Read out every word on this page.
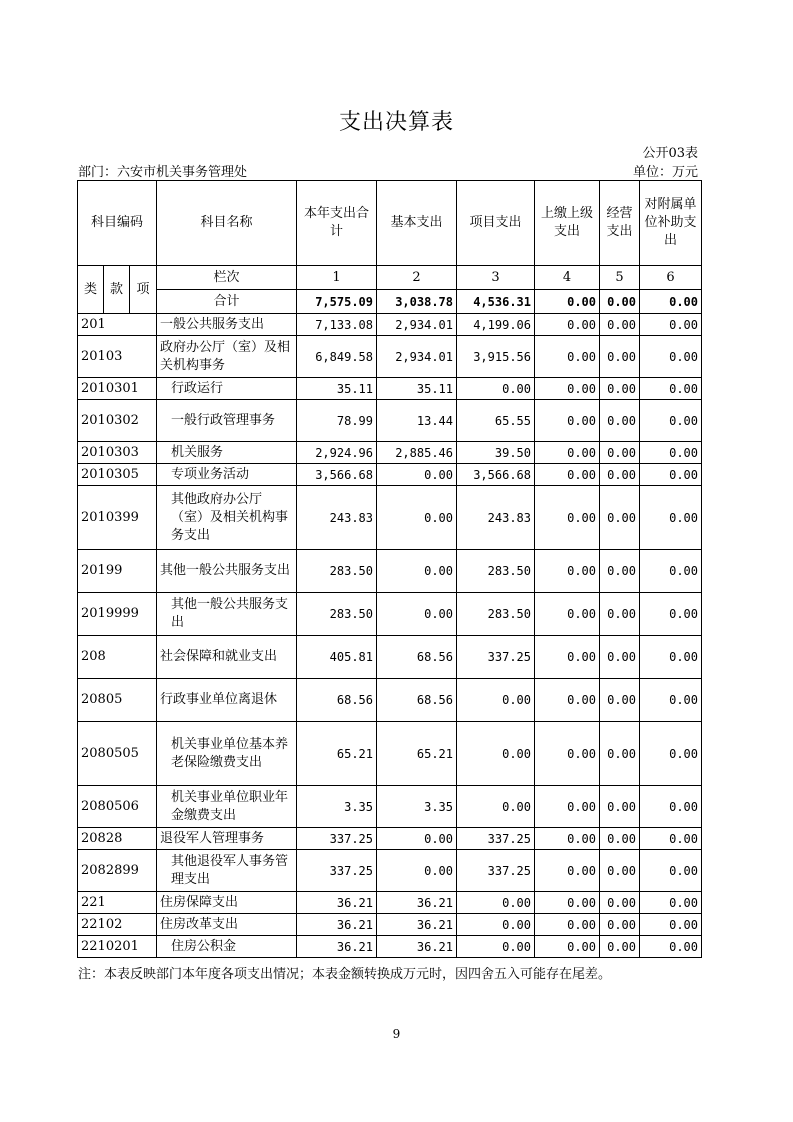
支出决算表
公开03表
部门：六安市机关事务管理处	单位：万元
科目编码			科目名称	本年支出合计	基本支出	项目支出	上缴上级支出	经营支出	对附属单位补助支出
类	款	项	栏次	1	2	3	4	5	6
			合计	7,575.09	3,038.78	4,536.31	0.00	0.00	0.00
201			一般公共服务支出	7,133.08	2,934.01	4,199.06	0.00	0.00	0.00
20103			政府办公厅（室）及相关机构事务	6,849.58	2,934.01	3,915.56	0.00	0.00	0.00
2010301			行政运行	35.11	35.11	0.00	0.00	0.00	0.00
2010302			一般行政管理事务	78.99	13.44	65.55	0.00	0.00	0.00
2010303			机关服务	2,924.96	2,885.46	39.50	0.00	0.00	0.00
2010305			专项业务活动	3,566.68	0.00	3,566.68	0.00	0.00	0.00
2010399			其他政府办公厅（室）及相关机构事务支出	243.83	0.00	243.83	0.00	0.00	0.00
20199			其他一般公共服务支出	283.50	0.00	283.50	0.00	0.00	0.00
2019999			其他一般公共服务支出	283.50	0.00	283.50	0.00	0.00	0.00
208			社会保障和就业支出	405.81	68.56	337.25	0.00	0.00	0.00
20805			行政事业单位离退休	68.56	68.56	0.00	0.00	0.00	0.00
2080505			机关事业单位基本养老保险缴费支出	65.21	65.21	0.00	0.00	0.00	0.00
2080506			机关事业单位职业年金缴费支出	3.35	3.35	0.00	0.00	0.00	0.00
20828			退役军人管理事务	337.25	0.00	337.25	0.00	0.00	0.00
2082899			其他退役军人事务管理支出	337.25	0.00	337.25	0.00	0.00	0.00
221			住房保障支出	36.21	36.21	0.00	0.00	0.00	0.00
22102			住房改革支出	36.21	36.21	0.00	0.00	0.00	0.00
2210201			住房公积金	36.21	36.21	0.00	0.00	0.00	0.00
注：本表反映部门本年度各项支出情况；本表金额转换成万元时，因四舍五入可能存在尾差。
9
